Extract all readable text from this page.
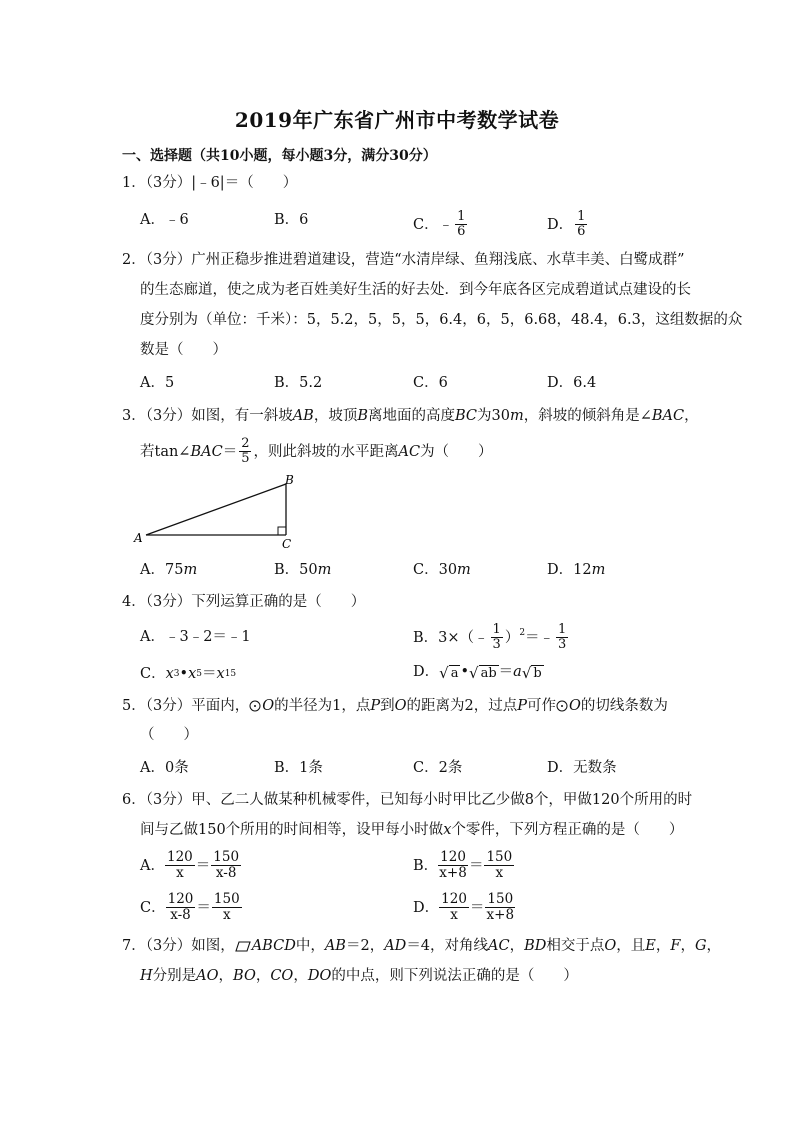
2019年广东省广州市中考数学试卷
一、选择题（共10小题，每小题3分，满分30分）
1．（3分）|﹣6|＝（　　）
A．﹣6	B．6	C． ﹣ $\frac{1}{6}$	D． $\frac{1}{6}$
2．（3分）广州正稳步推进碧道建设，营造“水清岸绿、鱼翔浅底、水草丰美、白鹭成群”
的生态廊道，使之成为老百姓美好生活的好去处．到今年底各区完成碧道试点建设的长
度分别为（单位：千米）：5，5.2，5，5，5，6.4，6，5，6.68，48.4，6.3，这组数据的众
数是（　　）
A．5	B．5.2	C．6	D．6.4
3．（3分）如图，有一斜坡AB，坡顶B离地面的高度BC为30m，斜坡的倾斜角是∠BAC，
若tan∠ BAC ＝ $\frac{2}{5}$ ，则此斜坡的水平距离 AC 为（　　）
A
B
C
A．75 m	B．50 m	C．30 m	D．12 m
4．（3分）下列运算正确的是（　　）
A．﹣3﹣2＝﹣1	B．3×（﹣ $\frac{1}{3} )^2$ ＝﹣ $\frac{1}{3}$
C． x 3 • x 5 ＝ x 15	D． √ a • √ ab ＝ a √ b
5．（3分）平面内， O的半径为1，点P到O的距离为2，过点P可作 O的切线条数为
（　　）
A．0条	B．1条	C．2条	D．无数条
6．（3分）甲、乙二人做某种机械零件，已知每小时甲比乙少做8个，甲做120个所用的时
间与乙做150个所用的时间相等，设甲每小时做x个零件，下列方程正确的是（　　）
A．
120
x ＝
150
x-8	B．
120
x+8 ＝
150
x
C．
120
x-8 ＝
150
x	D．
120
x ＝
150
x+8
7．（3分）如图， ABCD中，AB＝2，AD＝4，对角线AC，BD相交于点O，且E，F，G，
H分别是AO，BO，CO，DO的中点，则下列说法正确的是（　　）
